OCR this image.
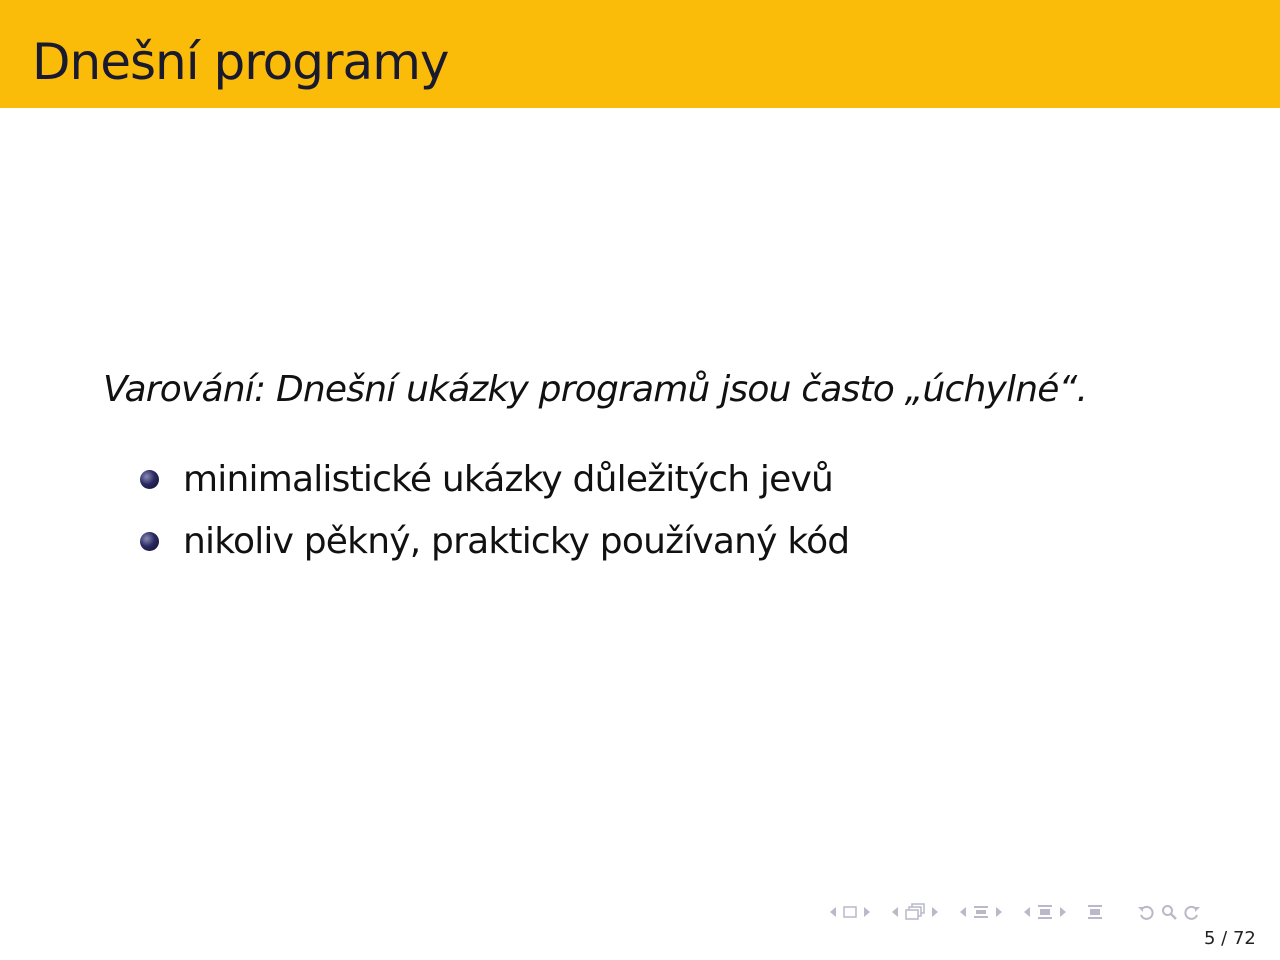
Dnešní programy
Varování: Dnešní ukázky programů jsou často „úchylné“.
minimalistické ukázky důležitých jevů
nikoliv pěkný, prakticky používaný kód
5 / 72
